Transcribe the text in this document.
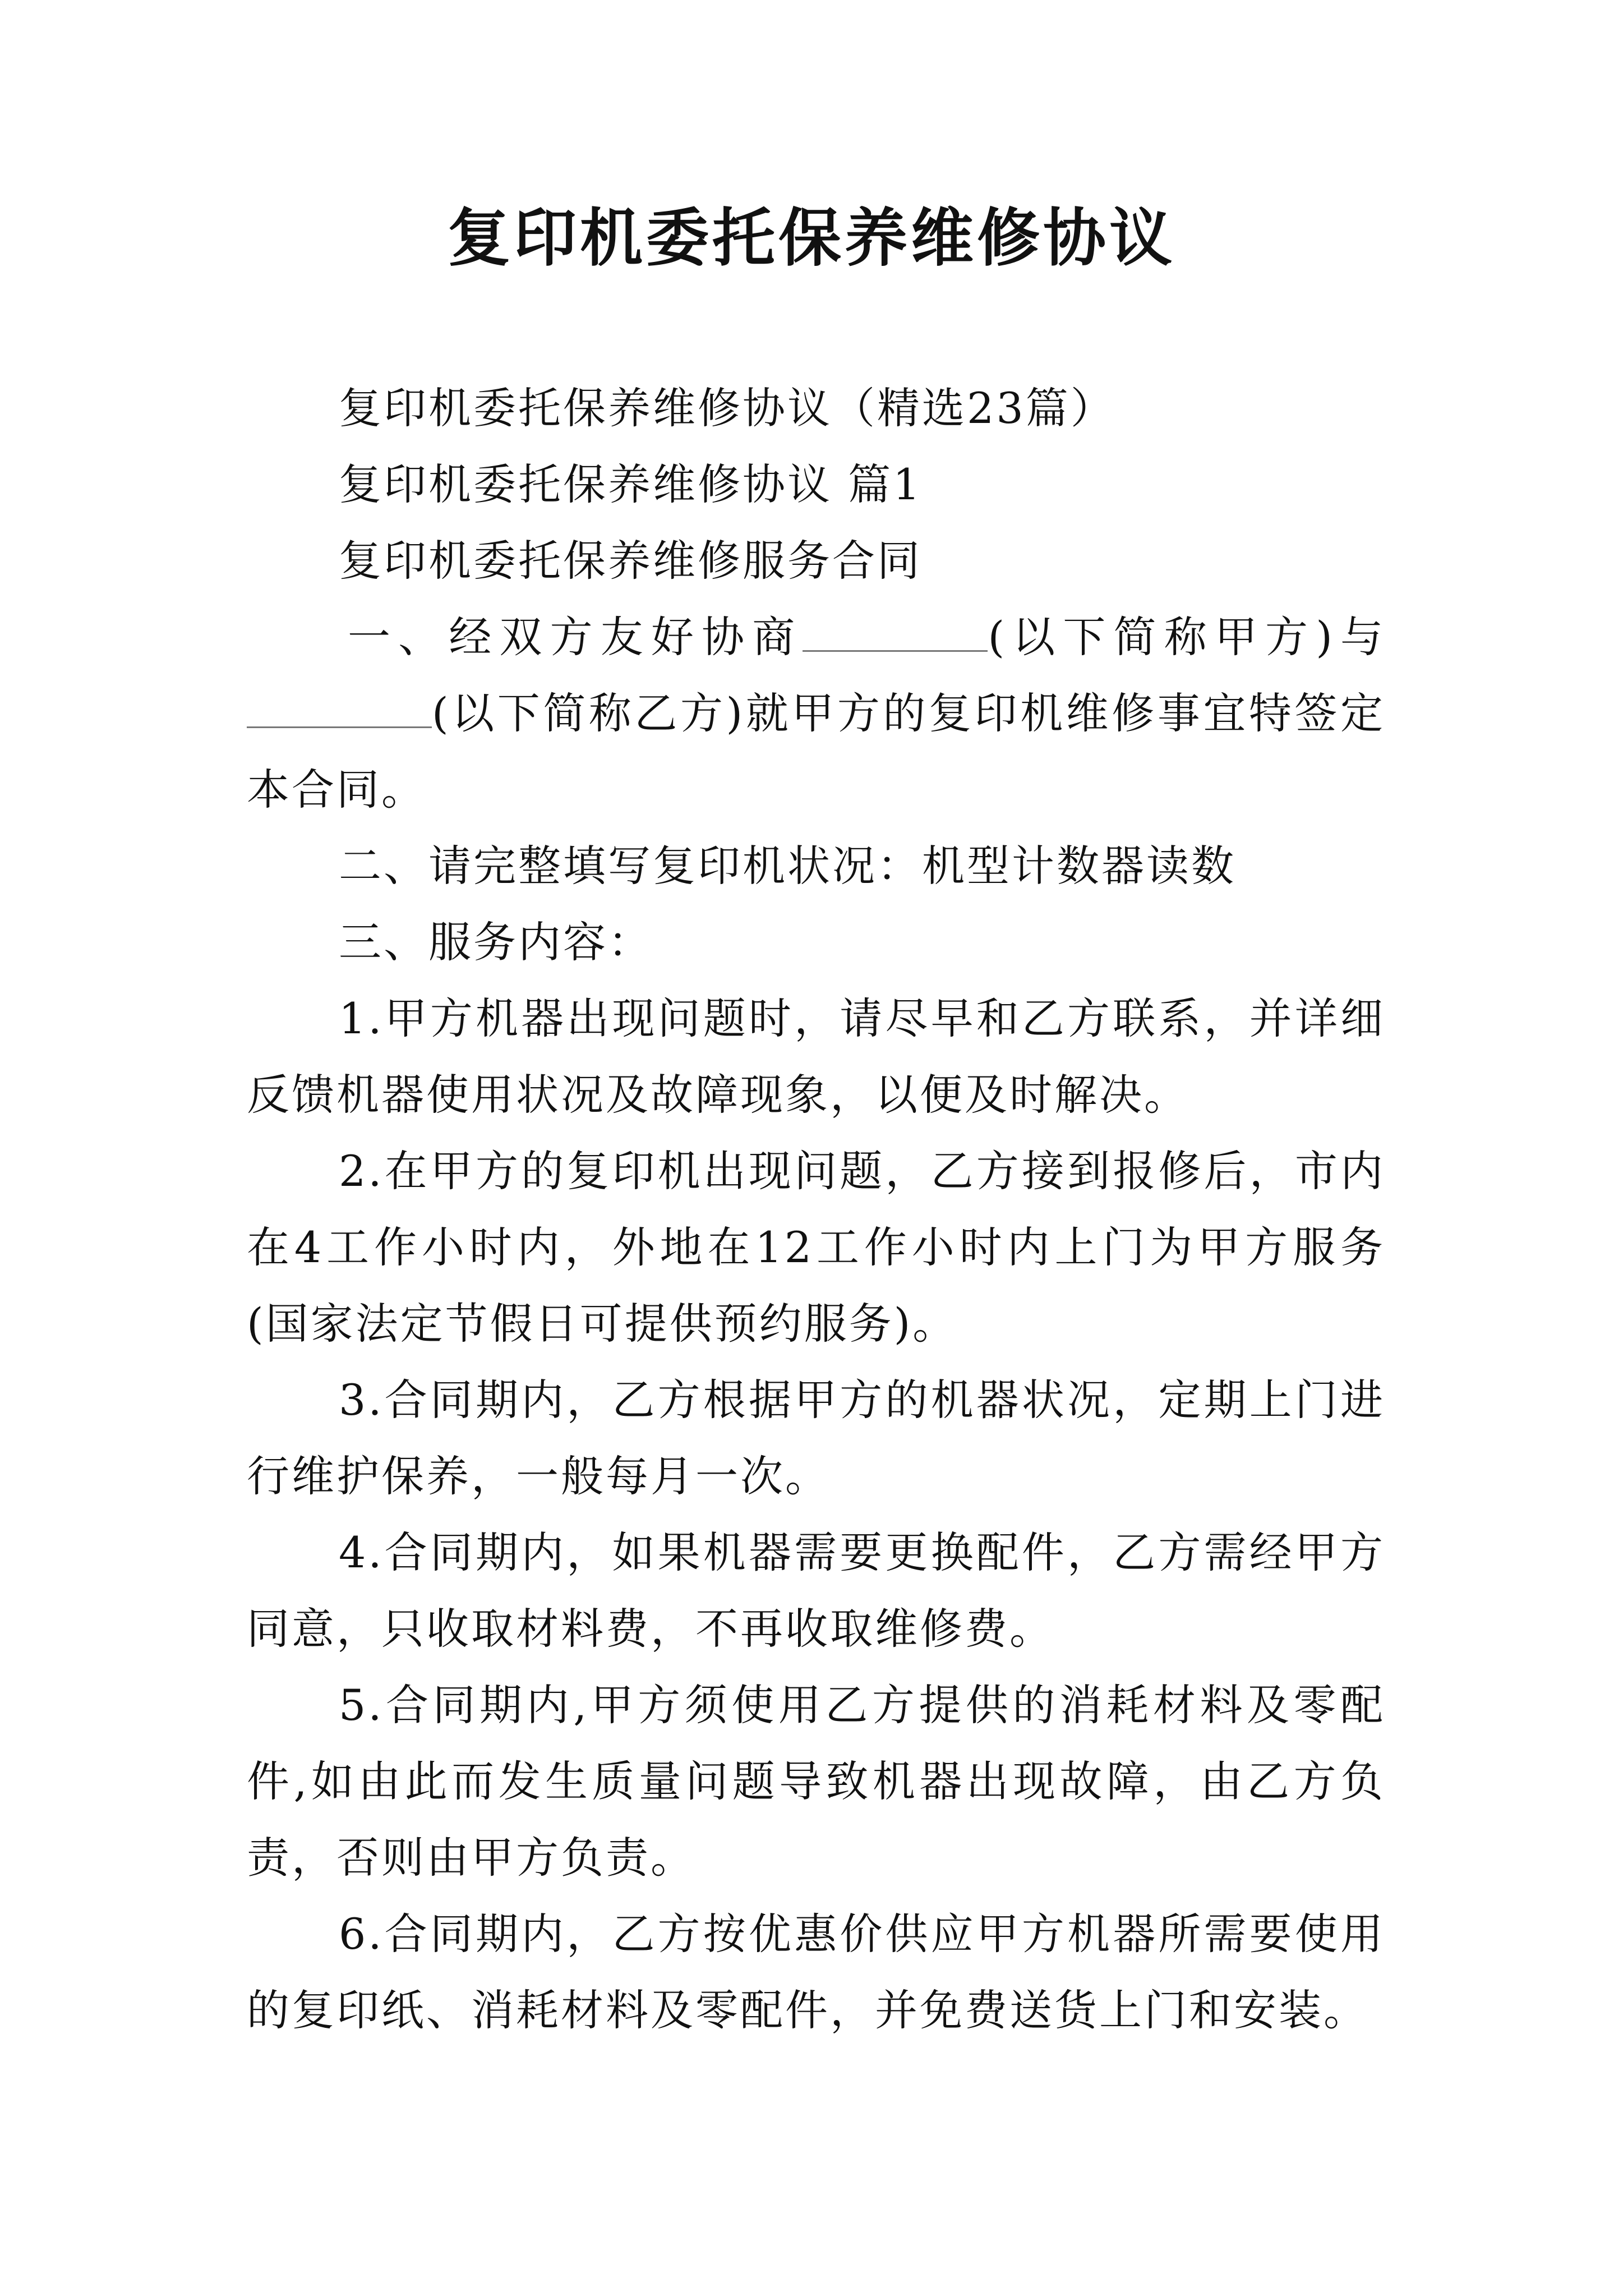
复印机委托保养维修协议

复印机委托保养维修协议（精选23篇）

复印机委托保养维修协议 篇1

复印机委托保养维修服务合同

一、经双方友好协商	(以下简称甲方)与(以下简称乙方)就甲方的复印机维修事宜特签定本合同。

二、请完整填写复印机状况：机型计数器读数

三、服务内容：

1.甲方机器出现问题时，请尽早和乙方联系，并详细反馈机器使用状况及故障现象，以便及时解决。

2.在甲方的复印机出现问题，乙方接到报修后，市内在4工作小时内，外地在12工作小时内上门为甲方服务(国家法定节假日可提供预约服务)。

3.合同期内，乙方根据甲方的机器状况，定期上门进行维护保养，一般每月一次。

4.合同期内，如果机器需要更换配件，乙方需经甲方同意，只收取材料费，不再收取维修费。

5.合同期内,甲方须使用乙方提供的消耗材料及零配件,如由此而发生质量问题导致机器出现故障，由乙方负责，否则由甲方负责。

6.合同期内，乙方按优惠价供应甲方机器所需要使用的复印纸、消耗材料及零配件，并免费送货上门和安装。
